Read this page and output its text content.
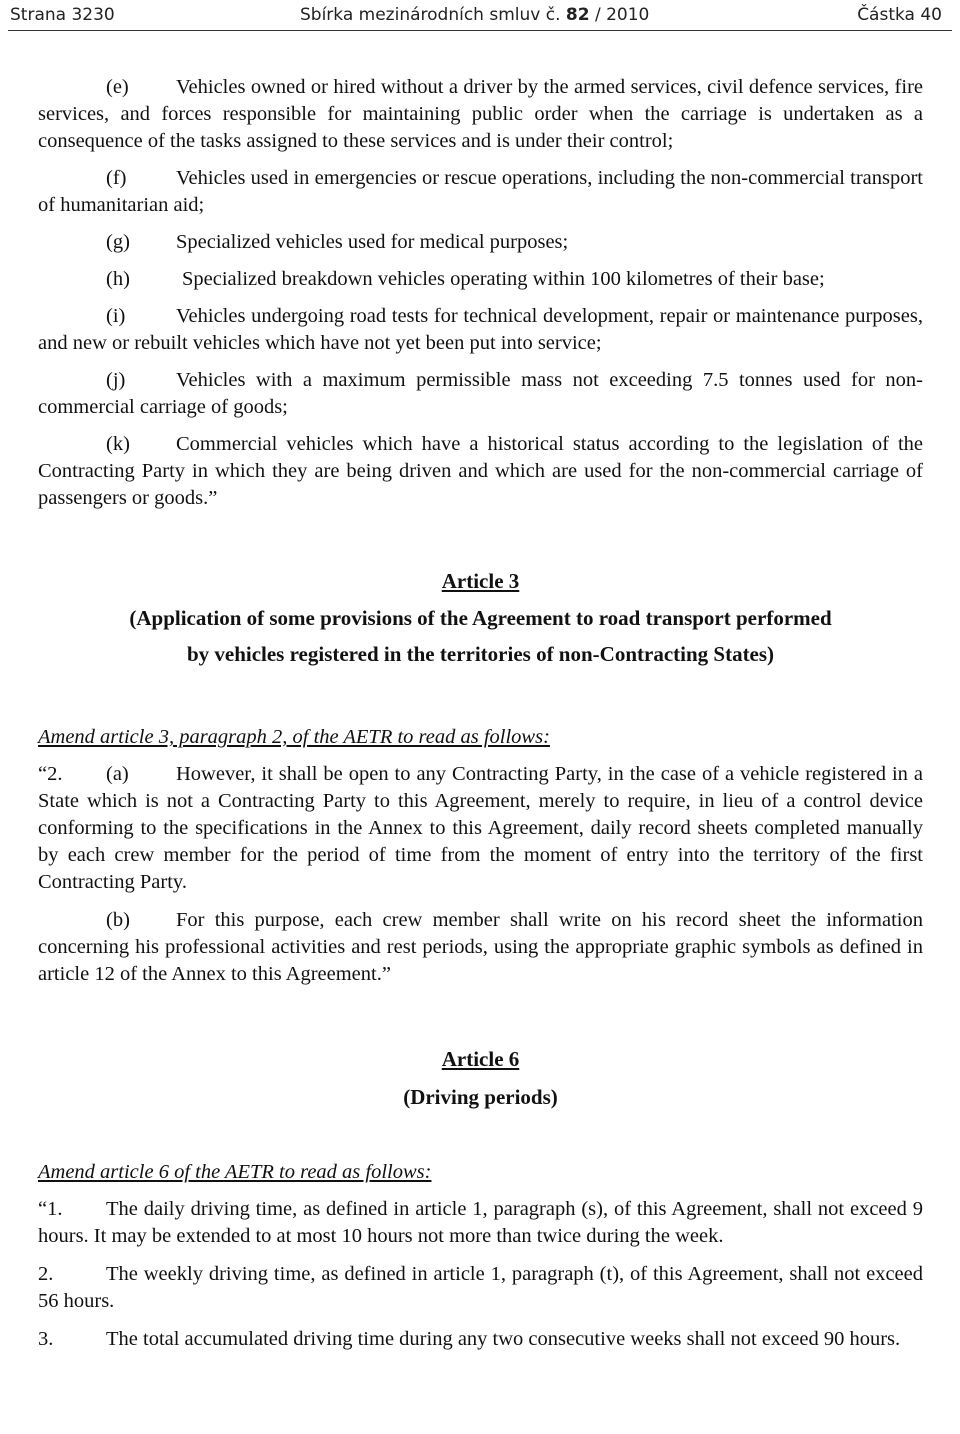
Strana 3230	Sbírka mezinárodních smluv č. 82 / 2010	Částka 40

(e) Vehicles owned or hired without a driver by the armed services, civil defence services, fire services, and forces responsible for maintaining public order when the carriage is undertaken as a consequence of the tasks assigned to these services and is under their control;

(f) Vehicles used in emergencies or rescue operations, including the non-commercial transport of humanitarian aid;

(g) Specialized vehicles used for medical purposes;

(h)	Specialized breakdown vehicles operating within 100 kilometres of their base;

(i) Vehicles undergoing road tests for technical development, repair or maintenance purposes, and new or rebuilt vehicles which have not yet been put into service;

(j) Vehicles with a maximum permissible mass not exceeding 7.5 tonnes used for non-commercial carriage of goods;

(k) Commercial vehicles which have a historical status according to the legislation of the Contracting Party in which they are being driven and which are used for the non-commercial carriage of passengers or goods.”

Article 3

(Application of some provisions of the Agreement to road transport performed

by vehicles registered in the territories of non-Contracting States)

Amend article 3, paragraph 2, of the AETR to read as follows:

“2. (a) However, it shall be open to any Contracting Party, in the case of a vehicle registered in a State which is not a Contracting Party to this Agreement, merely to require, in lieu of a control device conforming to the specifications in the Annex to this Agreement, daily record sheets completed manually by each crew member for the period of time from the moment of entry into the territory of the first Contracting Party.

(b) For this purpose, each crew member shall write on his record sheet the information concerning his professional activities and rest periods, using the appropriate graphic symbols as defined in article 12 of the Annex to this Agreement.”

Article 6

(Driving periods)

Amend article 6 of the AETR to read as follows:

“1. The daily driving time, as defined in article 1, paragraph (s), of this Agreement, shall not exceed 9 hours. It may be extended to at most 10 hours not more than twice during the week.

2.	The weekly driving time, as defined in article 1, paragraph (t), of this Agreement, shall not exceed 56 hours.

3.	The total accumulated driving time during any two consecutive weeks shall not exceed 90 hours.
